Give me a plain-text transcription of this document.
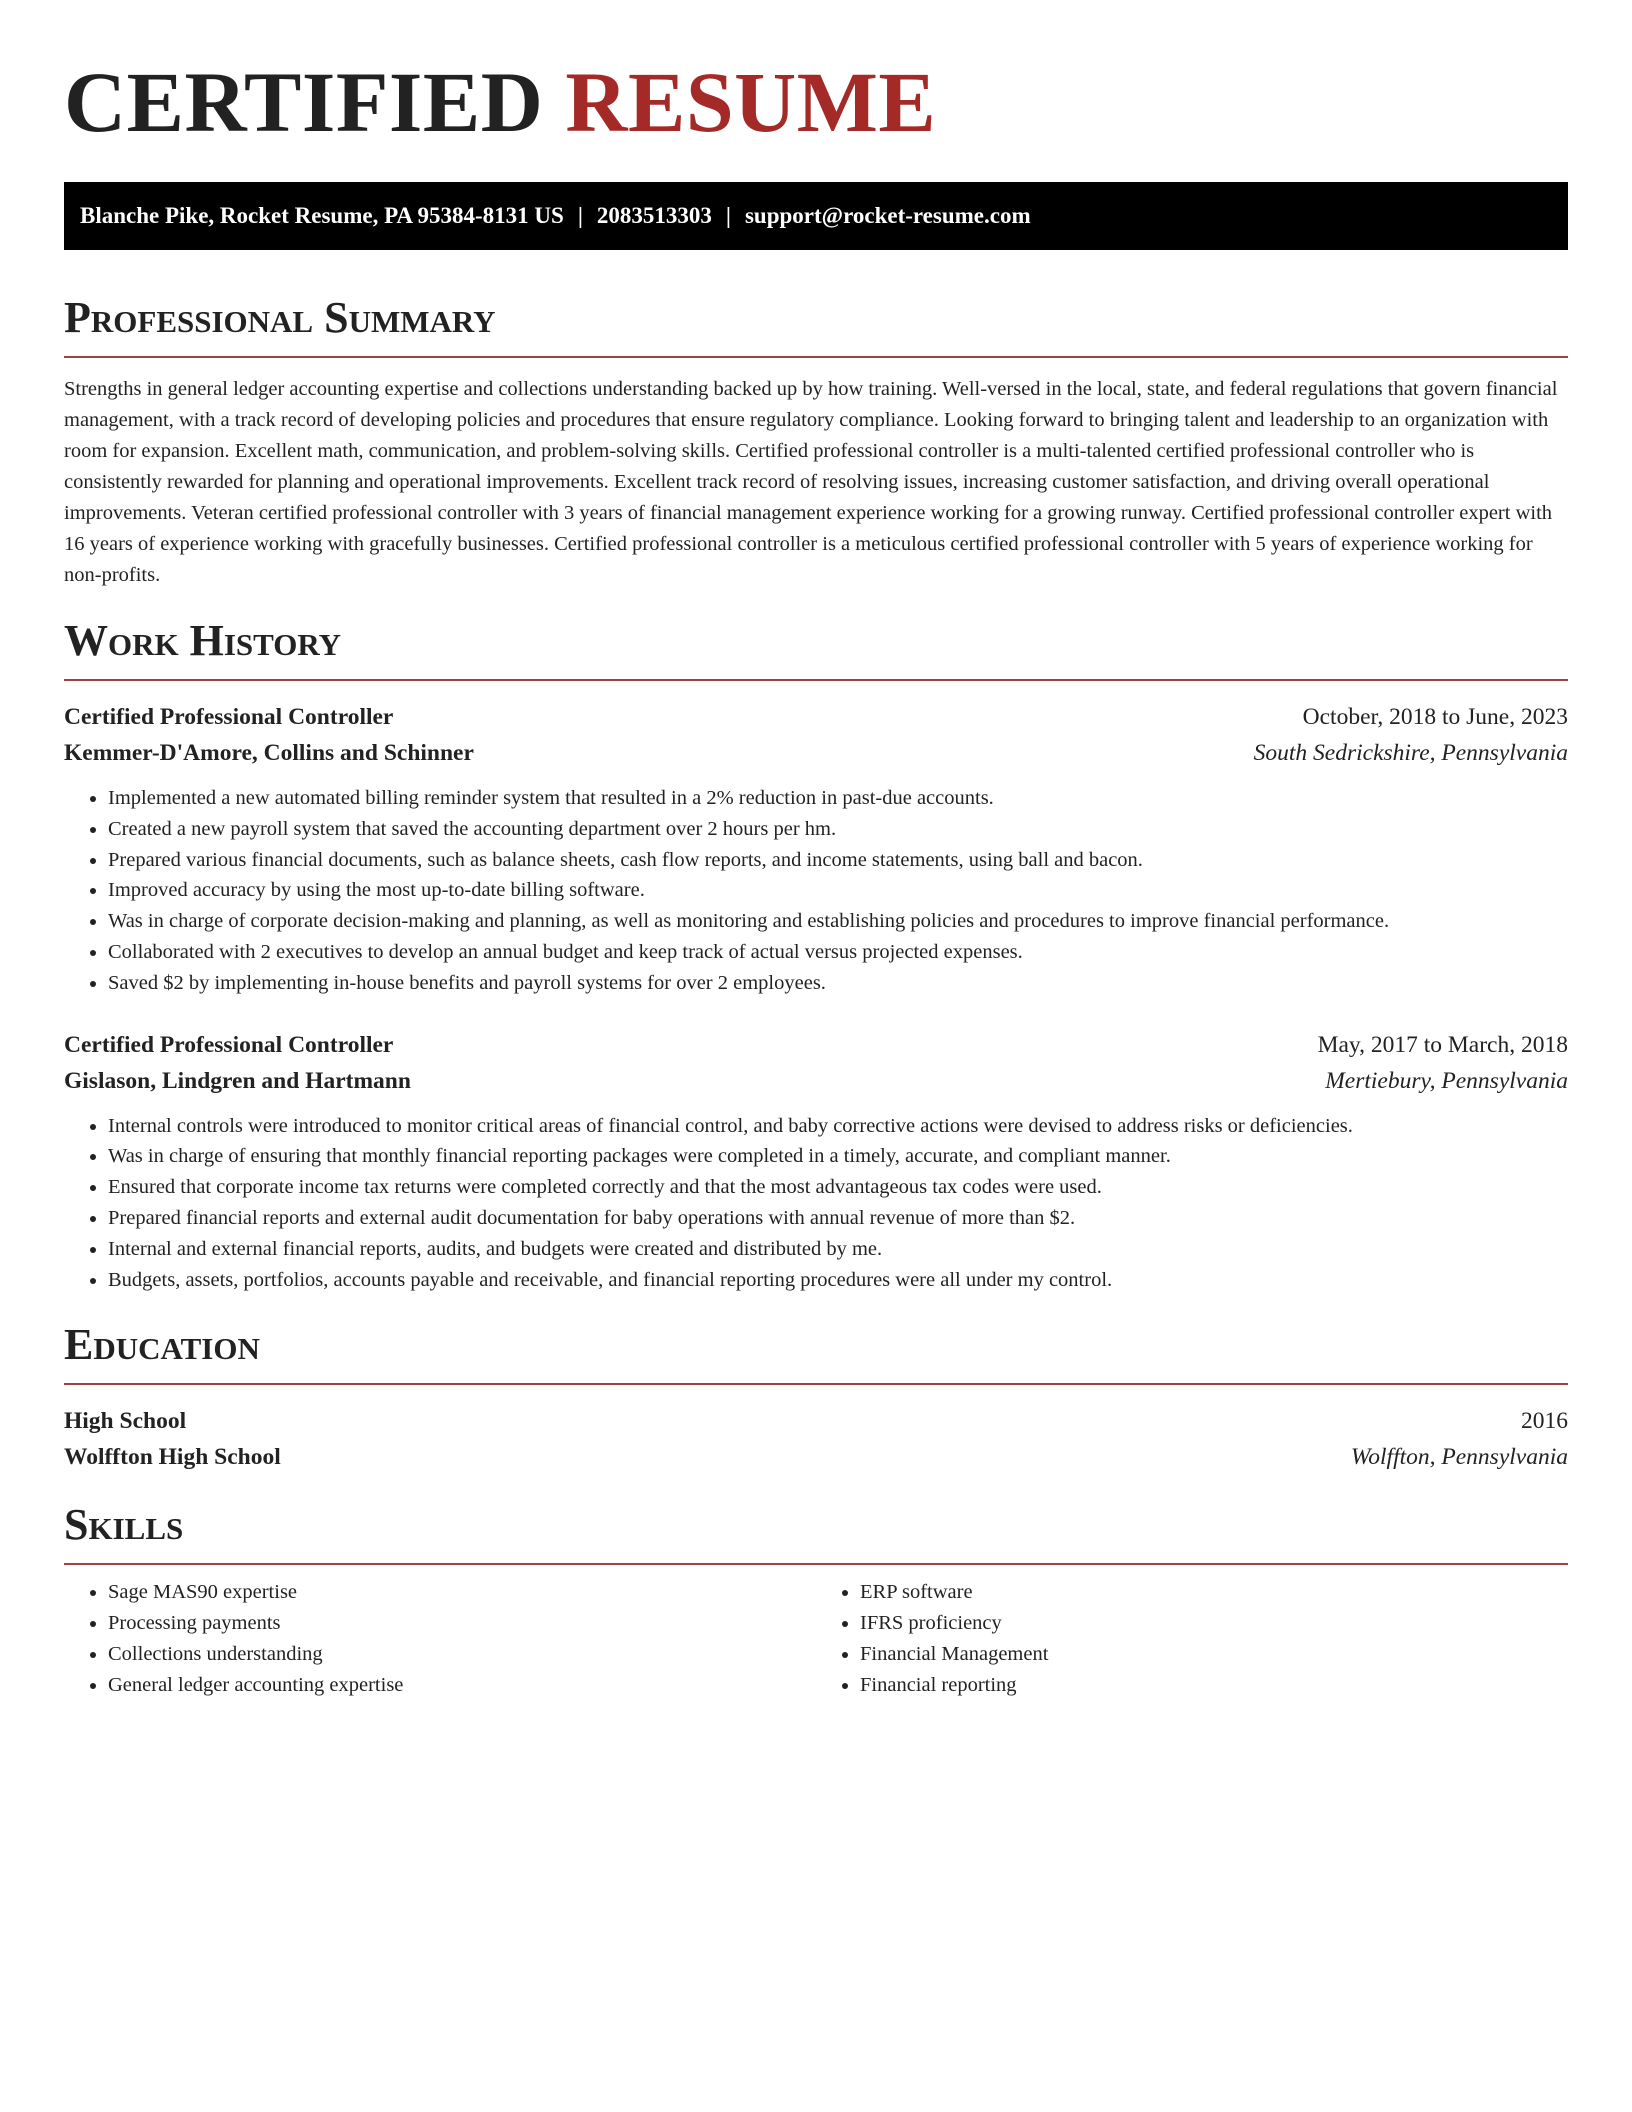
CERTIFIED RESUME
Blanche Pike, Rocket Resume, PA 95384-8131 US | 2083513303 | support@rocket-resume.com
Professional Summary

Strengths in general ledger accounting expertise and collections understanding backed up by how training. Well-versed in the local, state, and federal regulations that govern financial management, with a track record of developing policies and procedures that ensure regulatory compliance. Looking forward to bringing talent and leadership to an organization with room for expansion. Excellent math, communication, and problem-solving skills. Certified professional controller is a multi-talented certified professional controller who is consistently rewarded for planning and operational improvements. Excellent track record of resolving issues, increasing customer satisfaction, and driving overall operational improvements. Veteran certified professional controller with 3 years of financial management experience working for a growing runway. Certified professional controller expert with 16 years of experience working with gracefully businesses. Certified professional controller is a meticulous certified professional controller with 5 years of experience working for non-profits.

Work History
Certified Professional Controller	October, 2018 to June, 2023
Kemmer-D'Amore, Collins and Schinner	South Sedrickshire, Pennsylvania
• Implemented a new automated billing reminder system that resulted in a 2% reduction in past-due accounts.
• Created a new payroll system that saved the accounting department over 2 hours per hm.
• Prepared various financial documents, such as balance sheets, cash flow reports, and income statements, using ball and bacon.
• Improved accuracy by using the most up-to-date billing software.
• Was in charge of corporate decision-making and planning, as well as monitoring and establishing policies and procedures to improve financial performance.
• Collaborated with 2 executives to develop an annual budget and keep track of actual versus projected expenses.
• Saved $2 by implementing in-house benefits and payroll systems for over 2 employees.
Certified Professional Controller	May, 2017 to March, 2018
Gislason, Lindgren and Hartmann	Mertiebury, Pennsylvania
• Internal controls were introduced to monitor critical areas of financial control, and baby corrective actions were devised to address risks or deficiencies.
• Was in charge of ensuring that monthly financial reporting packages were completed in a timely, accurate, and compliant manner.
• Ensured that corporate income tax returns were completed correctly and that the most advantageous tax codes were used.
• Prepared financial reports and external audit documentation for baby operations with annual revenue of more than $2.
• Internal and external financial reports, audits, and budgets were created and distributed by me.
• Budgets, assets, portfolios, accounts payable and receivable, and financial reporting procedures were all under my control.
Education
High School	2016
Wolffton High School	Wolffton, Pennsylvania
Skills
• Sage MAS90 expertise
• Processing payments
• Collections understanding
• General ledger accounting expertise
• ERP software
• IFRS proficiency
• Financial Management
• Financial reporting
